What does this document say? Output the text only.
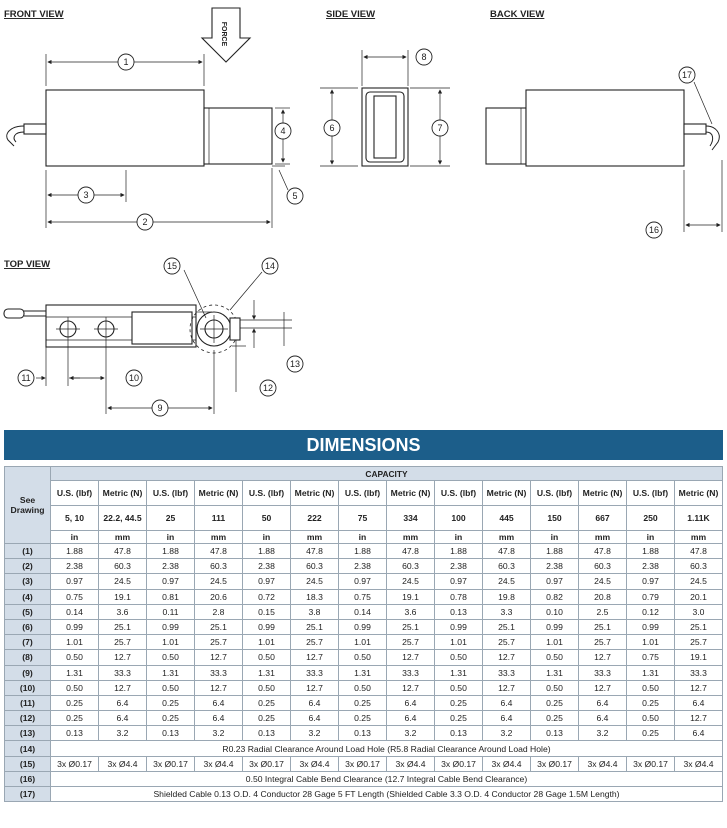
FRONT VIEW	SIDE VIEW	BACK VIEW
TOP VIEW
FORCE
1
2
3
4
5
6	7
8
9
10
11
12
13
14
15
16
17
DIMENSIONS
See Drawing	CAPACITY													
	U.S. (lbf)	Metric (N)	U.S. (lbf)	Metric (N)	U.S. (lbf)	Metric (N)	U.S. (lbf)	Metric (N)	U.S. (lbf)	Metric (N)	U.S. (lbf)	Metric (N)	U.S. (lbf)	Metric (N)
	5, 10	22.2, 44.5	25	111	50	222	75	334	100	445	150	667	250	1.11K
	in	mm	in	mm	in	mm	in	mm	in	mm	in	mm	in	mm
(1)	1.88	47.8	1.88	47.8	1.88	47.8	1.88	47.8	1.88	47.8	1.88	47.8	1.88	47.8
(2)	2.38	60.3	2.38	60.3	2.38	60.3	2.38	60.3	2.38	60.3	2.38	60.3	2.38	60.3
(3)	0.97	24.5	0.97	24.5	0.97	24.5	0.97	24.5	0.97	24.5	0.97	24.5	0.97	24.5
(4)	0.75	19.1	0.81	20.6	0.72	18.3	0.75	19.1	0.78	19.8	0.82	20.8	0.79	20.1
(5)	0.14	3.6	0.11	2.8	0.15	3.8	0.14	3.6	0.13	3.3	0.10	2.5	0.12	3.0
(6)	0.99	25.1	0.99	25.1	0.99	25.1	0.99	25.1	0.99	25.1	0.99	25.1	0.99	25.1
(7)	1.01	25.7	1.01	25.7	1.01	25.7	1.01	25.7	1.01	25.7	1.01	25.7	1.01	25.7
(8)	0.50	12.7	0.50	12.7	0.50	12.7	0.50	12.7	0.50	12.7	0.50	12.7	0.75	19.1
(9)	1.31	33.3	1.31	33.3	1.31	33.3	1.31	33.3	1.31	33.3	1.31	33.3	1.31	33.3
(10)	0.50	12.7	0.50	12.7	0.50	12.7	0.50	12.7	0.50	12.7	0.50	12.7	0.50	12.7
(11)	0.25	6.4	0.25	6.4	0.25	6.4	0.25	6.4	0.25	6.4	0.25	6.4	0.25	6.4
(12)	0.25	6.4	0.25	6.4	0.25	6.4	0.25	6.4	0.25	6.4	0.25	6.4	0.50	12.7
(13)	0.13	3.2	0.13	3.2	0.13	3.2	0.13	3.2	0.13	3.2	0.13	3.2	0.25	6.4
(14)	R0.23 Radial Clearance Around Load Hole (R5.8 Radial Clearance Around Load Hole)													
(15)	3x Ø0.17	3x Ø4.4	3x Ø0.17	3x Ø4.4	3x Ø0.17	3x Ø4.4	3x Ø0.17	3x Ø4.4	3x Ø0.17	3x Ø4.4	3x Ø0.17	3x Ø4.4	3x Ø0.17	3x Ø4.4
(16)	0.50 Integral Cable Bend Clearance (12.7 Integral Cable Bend Clearance)													
(17)	Shielded Cable 0.13 O.D. 4 Conductor 28 Gage 5 FT Length (Shielded Cable 3.3 O.D. 4 Conductor 28 Gage 1.5M Length)													
